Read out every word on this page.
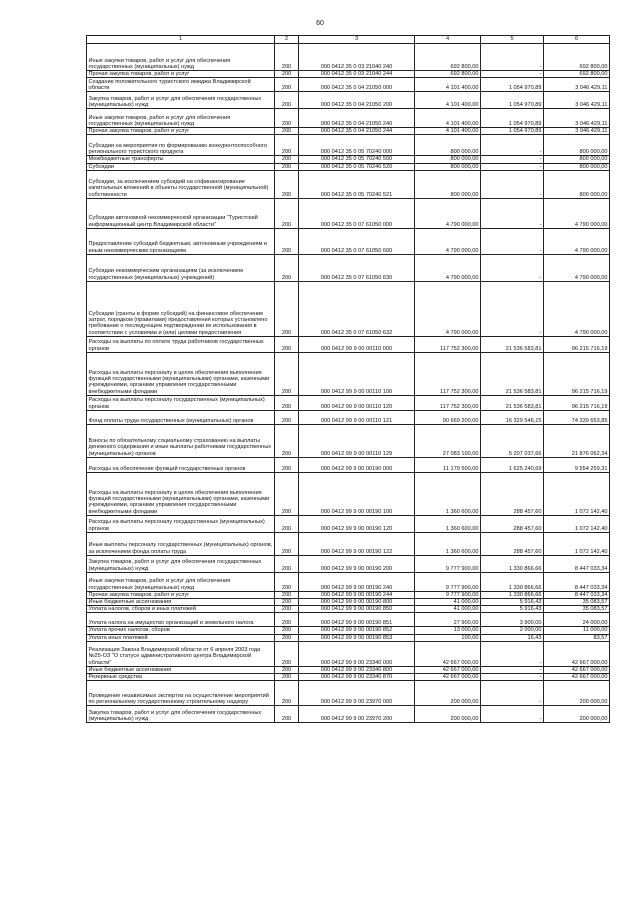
60
1	2	3	4	5	6
Иные закупки товаров, работ и услуг для обеспечения государственных (муниципальных) нужд	200	000 0412 35 0 03 21040 240	692 800,00	-	692 800,00
Прочая закупка товаров, работ и услуг	200	000 0412 35 0 03 21040 244	692 800,00	-	692 800,00
Создание положительного туристского имиджа Владимирской области	200	000 0412 35 0 04 21050 000	4 101 400,00	1 054 970,89	3 046 429,11
Закупка товаров, работ и услуг для обеспечения государственных (муниципальных) нужд	200	000 0412 35 0 04 21050 200	4 101 400,00	1 054 970,89	3 046 429,11
Иные закупки товаров, работ и услуг для обеспечения государственных (муниципальных) нужд	200	000 0412 35 0 04 21050 240	4 101 400,00	1 054 970,89	3 046 429,11
Прочая закупка товаров, работ и услуг	200	000 0412 35 0 04 21050 244	4 101 400,00	1 054 970,89	3 046 429,11
Субсидии на мероприятия по формированию конкурентоспособного регионального туристского продукта	200	000 0412 35 0 05 70240 000	800 000,00	-	800 000,00
Межбюджетные трансферты	200	000 0412 35 0 05 70240 500	800 000,00	-	800 000,00
Субсидии	200	000 0412 35 0 05 70240 520	800 000,00	-	800 000,00
Субсидии, за исключением субсидий на софинансирование капитальных вложений в объекты государственной (муниципальной) собственности	200	000 0412 35 0 05 70240 521	800 000,00	-	800 000,00
Субсидии автономной некоммерческой организации "Туристский информационный центр Владимирской области"	200	000 0412 35 0 07 61050 000	4 790 000,00	-	4 790 000,00
Предоставление субсидий бюджетным, автономным учреждениям и иным некоммерческим организациям	200	000 0412 35 0 07 61050 600	4 790 000,00	-	4 790 000,00
Субсидии некоммерческим организациям (за исключением государственных (муниципальных) учреждений)	200	000 0412 35 0 07 61050 630	4 790 000,00	-	4 790 000,00
Субсидии (гранты в форме субсидий) на финансовое обеспечение затрат, порядком (правилами) предоставления которых установлено требование о последующем подтверждении их использования в соответствии с условиями и (или) целями предоставления	200	000 0412 35 0 07 61050 632	4 790 000,00	-	4 790 000,00
Расходы на выплаты по оплате труда работников государственных органов	200	000 0412 99 9 00 00110 000	117 752 300,00	21 536 583,81	96 215 716,19
Расходы на выплаты персоналу в целях обеспечения выполнения функций государственными (муниципальными) органами, казенными учреждениями, органами управления государственными внебюджетными фондами	200	000 0412 99 9 00 00110 100	117 752 300,00	21 536 583,81	96 215 716,19
Расходы на выплаты персоналу государственных (муниципальных) органов	200	000 0412 99 9 00 00110 120	117 752 300,00	21 536 583,81	96 215 716,19
Фонд оплаты труда государственных (муниципальных) органов	200	000 0412 99 9 00 00110 121	90 669 200,00	16 329 546,15	74 339 653,85
Взносы по обязательному социальному страхованию на выплаты денежного содержания и иные выплаты работникам государственных (муниципальных) органов	200	000 0412 99 9 00 00110 129	27 083 100,00	5 207 037,66	21 876 062,34
Расходы на обеспечение функций государственных органов	200	000 0412 99 9 00 00190 000	11 179 500,00	1 625 240,69	9 554 259,31
Расходы на выплаты персоналу в целях обеспечения выполнения функций государственными (муниципальными) органами, казенными учреждениями, органами управления государственными внебюджетными фондами	200	000 0412 99 9 00 00190 100	1 360 600,00	288 457,60	1 072 142,40
Расходы на выплаты персоналу государственных (муниципальных) органов	200	000 0412 99 9 00 00190 120	1 360 600,00	288 457,60	1 072 142,40
Иные выплаты персоналу государственных (муниципальных) органов, за исключением фонда оплаты труда	200	000 0412 99 9 00 00190 122	1 360 600,00	288 457,60	1 072 142,40
Закупка товаров, работ и услуг для обеспечения государственных (муниципальных) нужд	200	000 0412 99 9 00 00190 200	9 777 900,00	1 330 866,66	8 447 033,34
Иные закупки товаров, работ и услуг для обеспечения государственных (муниципальных) нужд	200	000 0412 99 9 00 00190 240	9 777 900,00	1 330 866,66	8 447 033,34
Прочая закупка товаров, работ и услуг	200	000 0412 99 9 00 00190 244	9 777 900,00	1 330 866,66	8 447 033,34
Иные бюджетные ассигнования	200	000 0412 99 9 00 00190 800	41 000,00	5 916,43	35 083,57
Уплата налогов, сборов и иных платежей	200	000 0412 99 9 00 00190 850	41 000,00	5 916,43	35 083,57
Уплата налога на имущество организаций и земельного налога	200	000 0412 99 9 00 00190 851	27 900,00	3 900,00	24 000,00
Уплата прочих налогов, сборов	200	000 0412 99 9 00 00190 852	13 000,00	2 000,00	11 000,00
Уплата иных платежей	200	000 0412 99 9 00 00190 853	100,00	16,43	83,57
Реализация Закона Владимирской области от 6 апреля 2003 года №25-ОЗ "О статусе административного центра Владимирской области"	200	000 0412 99 9 00 23340 000	42 667 000,00	-	42 667 000,00
Иные бюджетные ассигнования	200	000 0412 99 9 00 23340 800	42 667 000,00	-	42 667 000,00
Резервные средства	200	000 0412 99 9 00 23340 870	42 667 000,00	-	42 667 000,00
Проведение независимых экспертиз на осуществление мероприятий по региональному государственному строительному надзору	200	000 0412 99 9 00 23970 000	200 000,00	-	200 000,00
Закупка товаров, работ и услуг для обеспечения государственных (муниципальных) нужд	200	000 0412 99 9 00 23970 200	200 000,00	-	200 000,00
